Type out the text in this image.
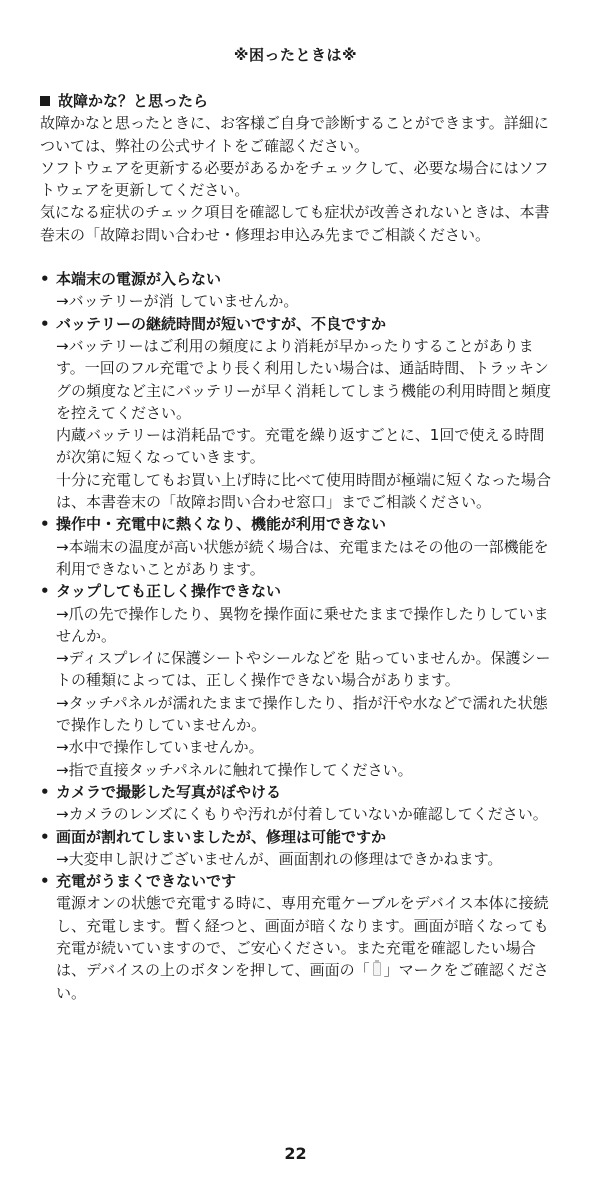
※困ったときは※

故障かな？と思ったら

故障かなと思ったときに、お客様ご自身で診断することができます。詳細については、弊社の公式サイトをご確認ください。

ソフトウェアを更新する必要があるかをチェックして、必要な場合にはソフトウェアを更新してください。

気になる症状のチェック項目を確認しても症状が改善されないときは、本書巻末の「故障お問い合わせ・修理お申込み先までご相談ください。

• 本端末の電源が入らない

→バッテリーが消 していませんか。

• バッテリーの継続時間が短いですが、不良ですか

→バッテリーはご利用の頻度により消耗が早かったりすることがあります。一回のフル充電でより長く利用したい場合は、通話時間、トラッキングの頻度など主にバッテリーが早く消耗してしまう機能の利用時間と頻度を控えてください。

内蔵バッテリーは消耗品です。充電を繰り返すごとに、1回で使える時間が次第に短くなっていきます。

十分に充電してもお買い上げ時に比べて使用時間が極端に短くなった場合は、本書巻末の「故障お問い合わせ窓口」までご相談ください。

• 操作中・充電中に熱くなり、機能が利用できない

→本端末の温度が高い状態が続く場合は、充電またはその他の一部機能を利用できないことがあります。

• タップしても正しく操作できない

→爪の先で操作したり、異物を操作面に乗せたままで操作したりしていませんか。

→ディスプレイに保護シートやシールなどを 貼っていませんか。保護シートの種類によっては、正しく操作できない場合があります。

→タッチパネルが濡れたままで操作したり、指が汗や水などで濡れた状態で操作したりしていませんか。

→水中で操作していませんか。

→指で直接タッチパネルに触れて操作してください。

• カメラで撮影した写真がぼやける

→カメラのレンズにくもりや汚れが付着していないか確認してください。

• 画面が割れてしまいましたが、修理は可能ですか

→大変申し訳けございませんが、画面割れの修理はできかねます。

• 充電がうまくできないです

電源オンの状態で充電する時に、専用充電ケーブルをデバイス本体に接続し、充電します。暫く経つと、画面が暗くなります。画面が暗くなっても充電が続いていますので、ご安心ください。また充電を確認したい場合は、デバイスの上のボタンを押して、画面の「 」マークをご確認ください。

22
